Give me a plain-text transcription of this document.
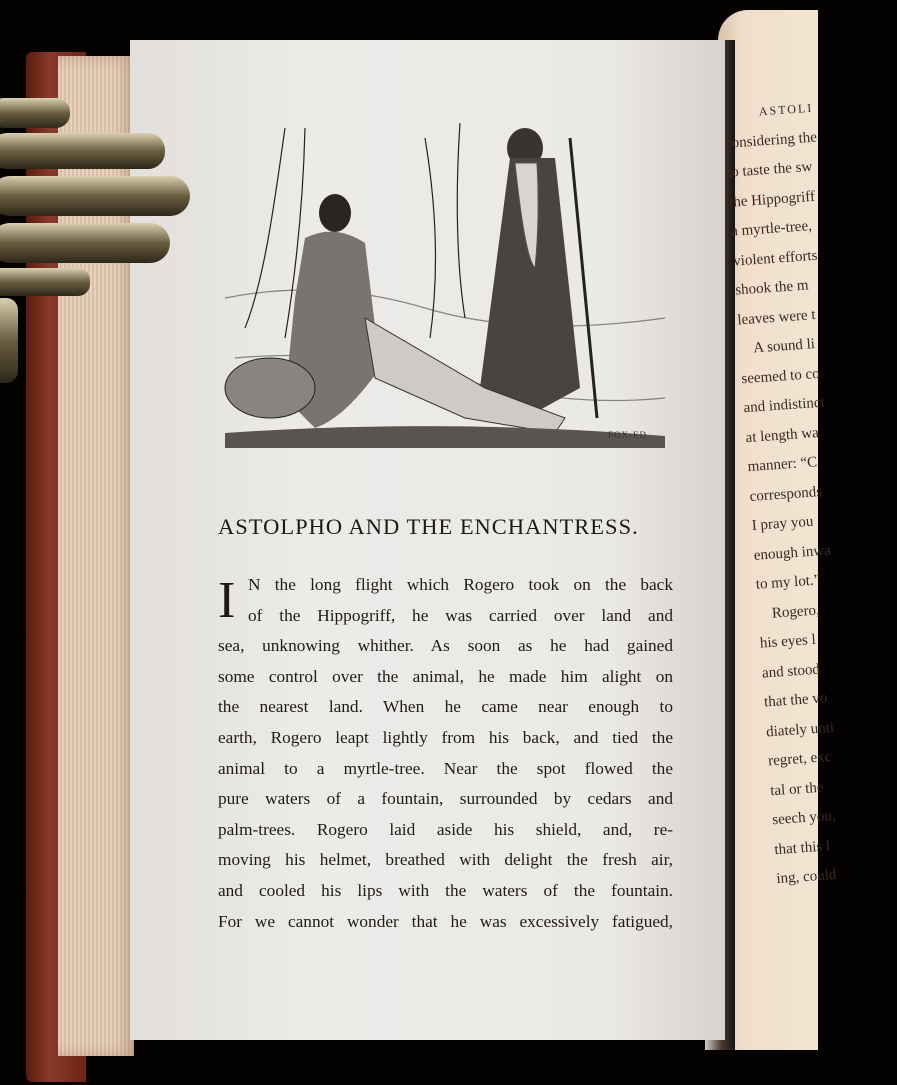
FOX-ED
ASTOLPHO AND THE ENCHANTRESS.
I N the long flight which Rogero took on the back
of the Hippogriff, he was carried over land and
sea, unknowing whither. As soon as he had gained
some control over the animal, he made him alight on
the nearest land. When he came near enough to
earth, Rogero leapt lightly from his back, and tied the
animal to a myrtle-tree. Near the spot flowed the
pure waters of a fountain, surrounded by cedars and
palm-trees. Rogero laid aside his shield, and, re-
moving his helmet, breathed with delight the fresh air,
and cooled his lips with the waters of the fountain.
For we cannot wonder that he was excessively fatigued,
ASTOLI
considering the
to taste the sw
the Hippogriff
a myrtle-tree,
violent efforts
shook the m
leaves were t
A sound li
seemed to co
and indistinct
at length wa
manner: “C
corresponds
I pray you
enough inwa
to my lot.”
Rogero,
his eyes l
and stood
that the vo
diately unti
regret, exc
tal or the
seech you,
that this l
ing, could
